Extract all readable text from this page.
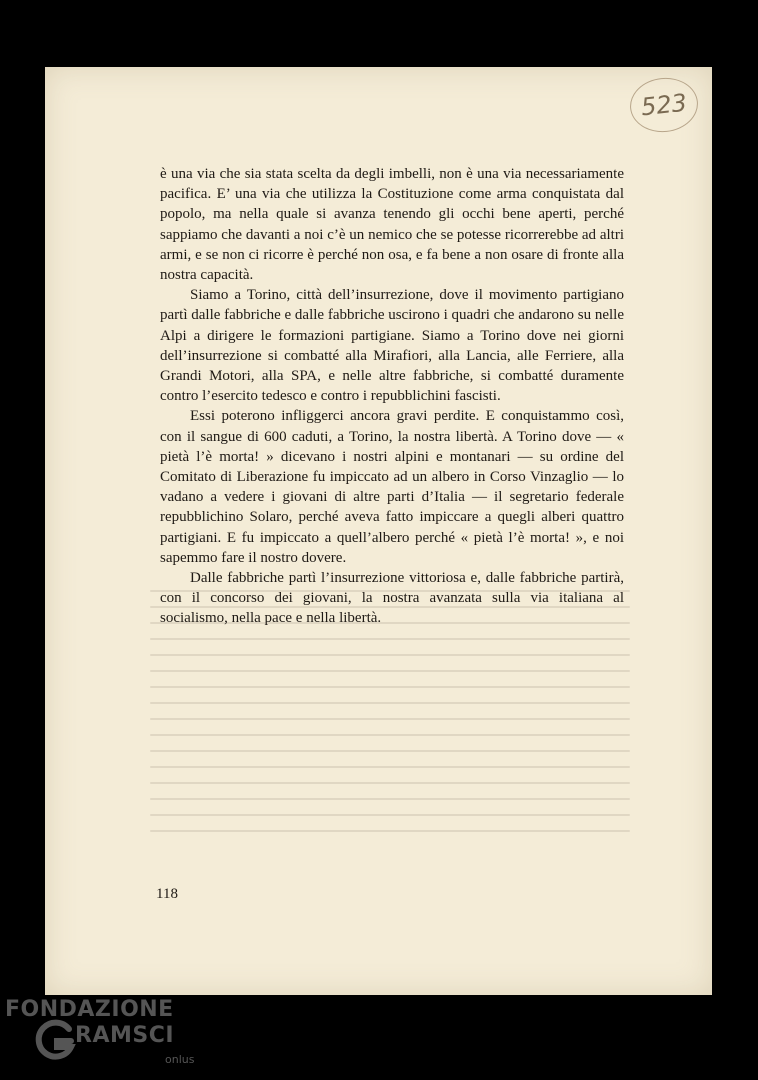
523

è una via che sia stata scelta da degli imbelli, non è una via necessariamente pacifica. E’ una via che utilizza la Costituzione come arma conquistata dal popolo, ma nella quale si avanza tenendo gli occhi bene aperti, perché sappiamo che davanti a noi c’è un nemico che se potesse ricorrerebbe ad altri armi, e se non ci ricorre è perché non osa, e fa bene a non osare di fronte alla nostra capacità.

Siamo a Torino, città dell’insurrezione, dove il movimento partigiano partì dalle fabbriche e dalle fabbriche uscirono i quadri che andarono su nelle Alpi a dirigere le formazioni partigiane. Siamo a Torino dove nei giorni dell’insurrezione si combatté alla Mirafiori, alla Lancia, alle Ferriere, alla Grandi Motori, alla SPA, e nelle altre fabbriche, si combatté duramente contro l’esercito tedesco e contro i repubblichini fascisti.

Essi poterono infliggerci ancora gravi perdite. E conquistammo così, con il sangue di 600 caduti, a Torino, la nostra libertà. A Torino dove — « pietà l’è morta! » dicevano i nostri alpini e montanari — su ordine del Comitato di Liberazione fu impiccato ad un albero in Corso Vinzaglio — lo vadano a vedere i giovani di altre parti d’Italia — il segretario federale repubblichino Solaro, perché aveva fatto impiccare a quegli alberi quattro partigiani. E fu impiccato a quell’albero perché « pietà l’è morta! », e noi sapemmo fare il nostro dovere.

Dalle fabbriche partì l’insurrezione vittoriosa e, dalle fabbriche partirà, con il concorso dei giovani, la nostra avanzata sulla via italiana al socialismo, nella pace e nella libertà.

118
FONDAZIONE
RAMSCI
onlus
